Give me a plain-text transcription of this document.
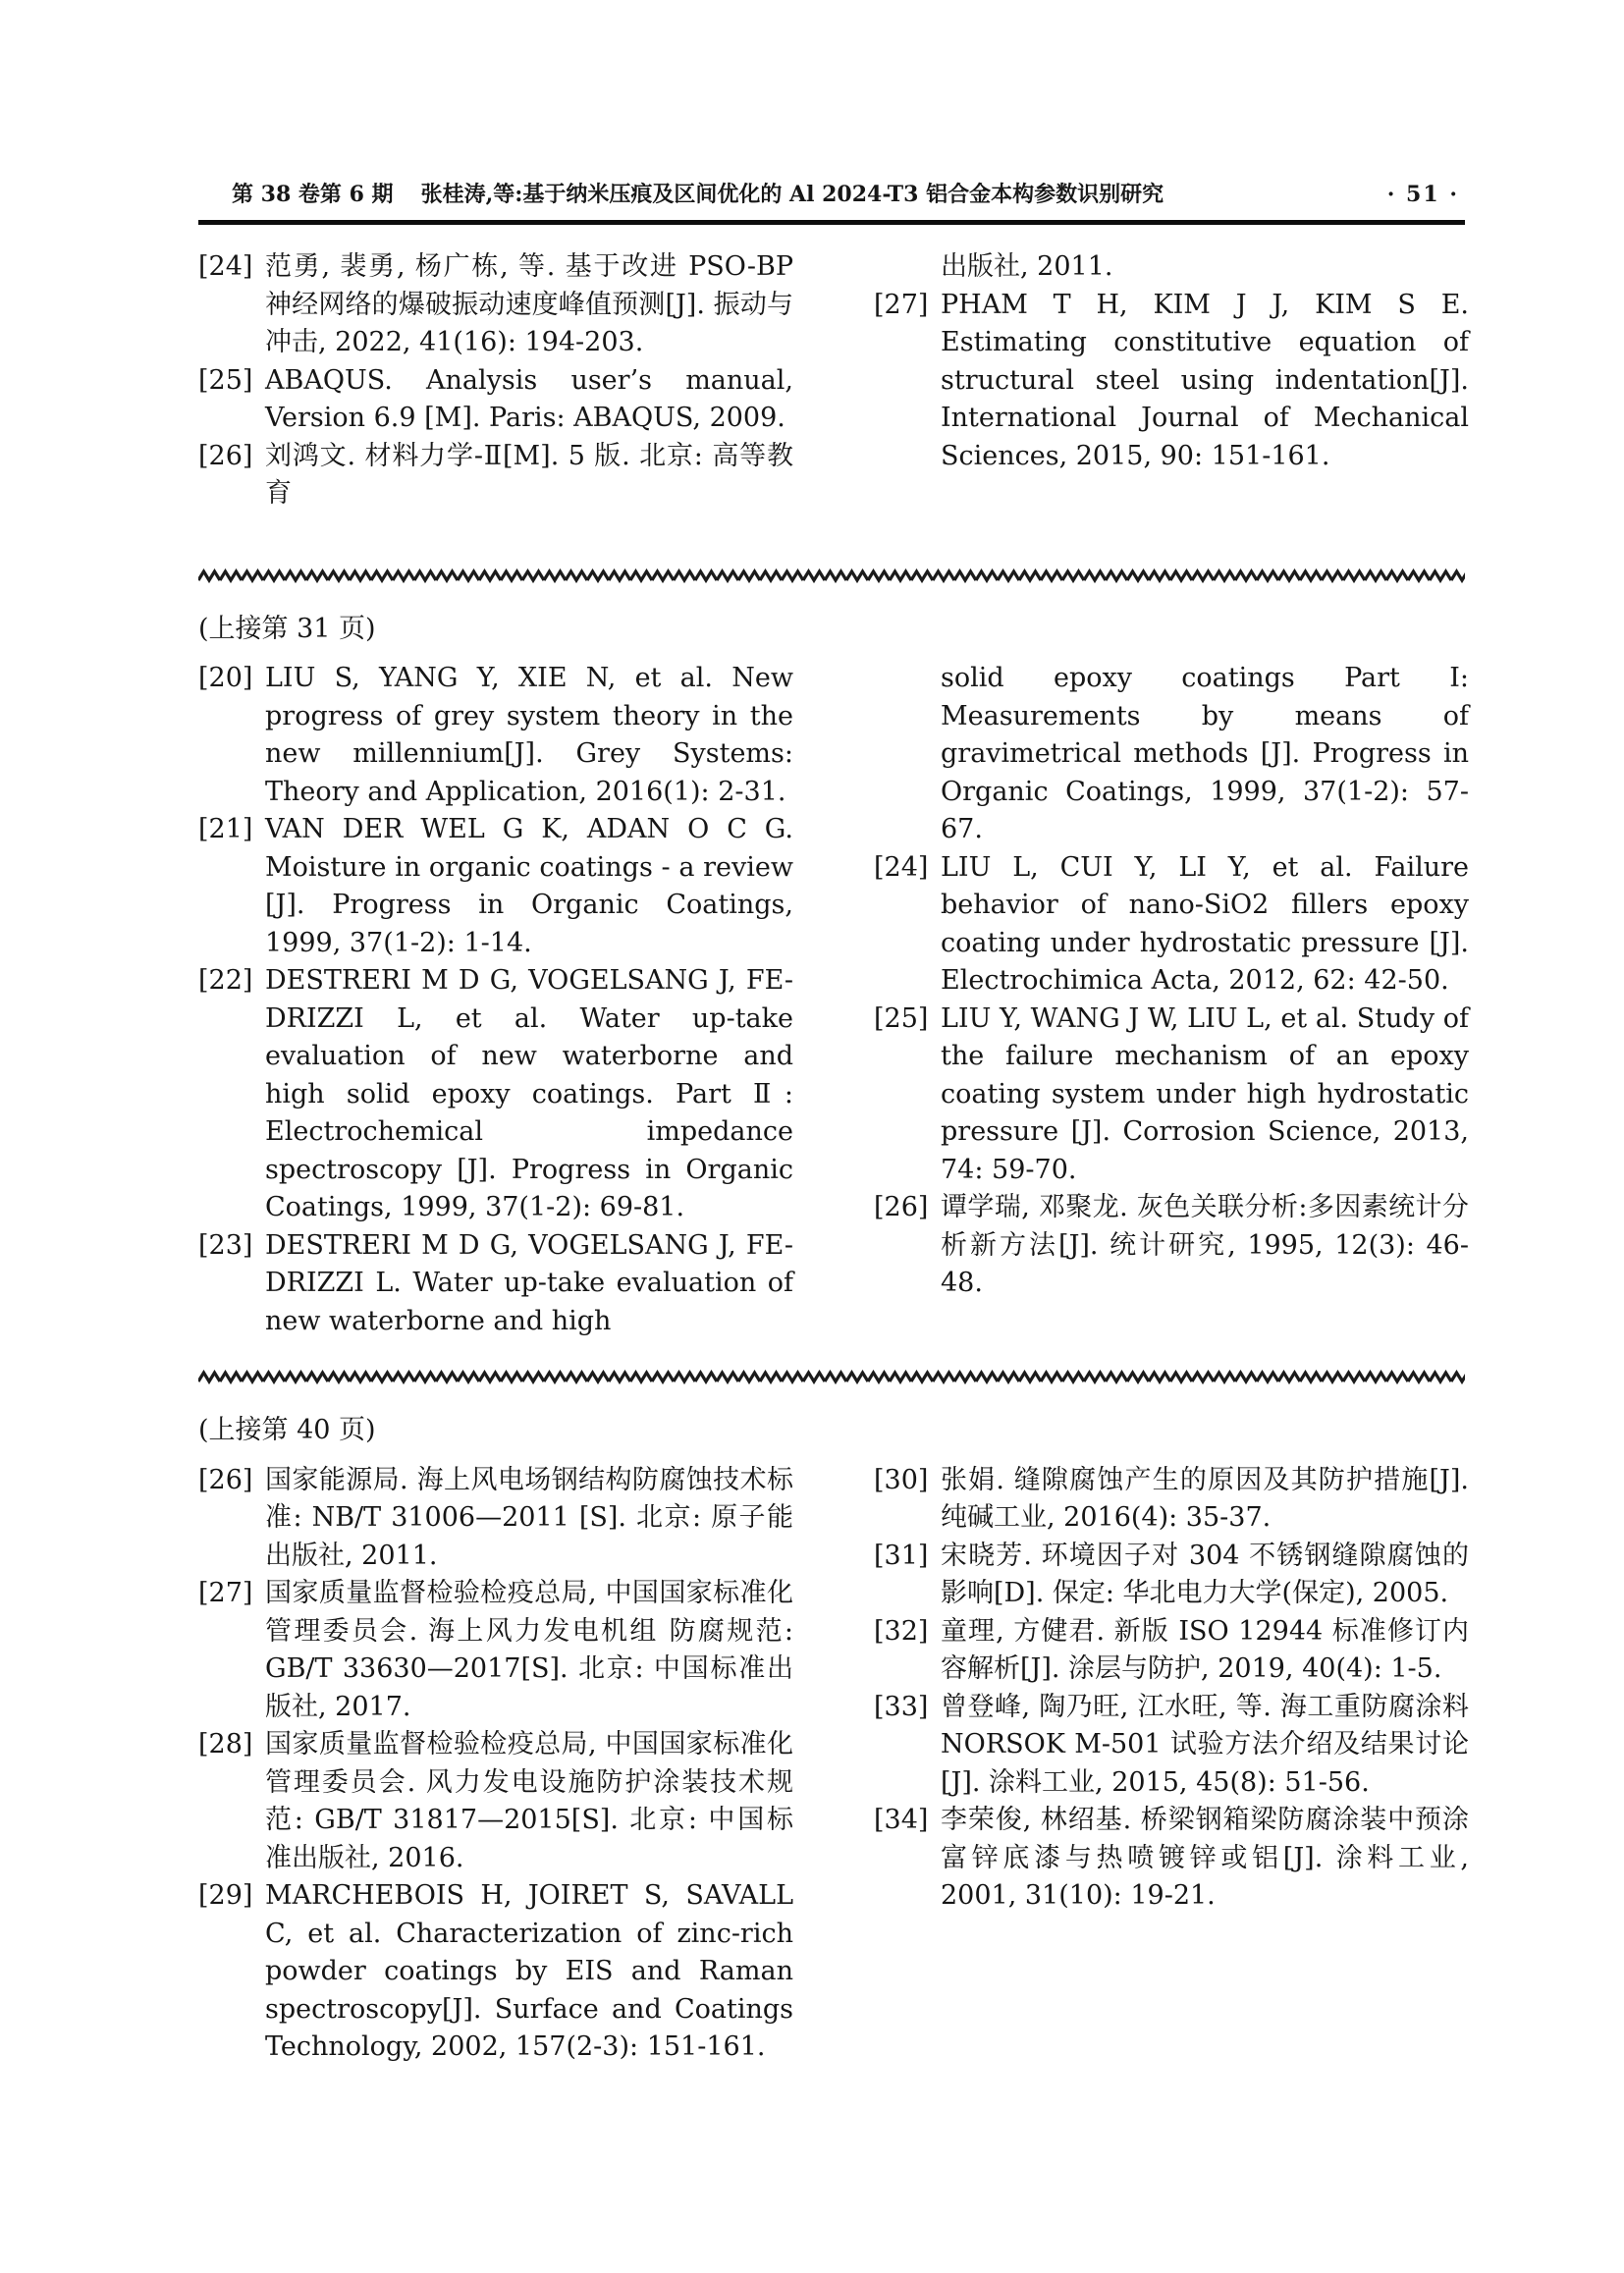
第 38 卷第 6 期	张桂涛,等:基于纳米压痕及区间优化的 Al 2024-T3 铝合金本构参数识别研究	· 51 ·
[24] 范勇, 裴勇, 杨广栋, 等. 基于改进 PSO-BP 神经网络的爆破振动速度峰值预测[J]. 振动与冲击, 2022, 41(16): 194-203.
[25] ABAQUS. Analysis user’s manual, Version 6.9 [M]. Paris: ABAQUS, 2009.
[26] 刘鸿文. 材料力学-Ⅱ[M]. 5 版. 北京: 高等教育
出版社, 2011.
[27] PHAM T H, KIM J J, KIM S E. Estimating constitutive equation of structural steel using indentation[J]. International Journal of Mechanical Sciences, 2015, 90: 151-161.
(上接第 31 页)
[20] LIU S, YANG Y, XIE N, et al. New progress of grey system theory in the new millennium[J]. Grey Systems: Theory and Application, 2016(1): 2-31.
[21] VAN DER WEL G K, ADAN O C G. Moisture in organic coatings - a review [J]. Progress in Organic Coatings, 1999, 37(1-2): 1-14.
[22] DESTRERI M D G, VOGELSANG J, FE-DRIZZI L, et al. Water up-take evaluation of new waterborne and high solid epoxy coatings. Part Ⅱ: Electrochemical impedance spectroscopy [J]. Progress in Organic Coatings, 1999, 37(1-2): 69-81.
[23] DESTRERI M D G, VOGELSANG J, FE-DRIZZI L. Water up-take evaluation of new waterborne and high
solid epoxy coatings Part I: Measurements by means of gravimetrical methods [J]. Progress in Organic Coatings, 1999, 37(1-2): 57-67.
[24] LIU L, CUI Y, LI Y, et al. Failure behavior of nano-SiO2 fillers epoxy coating under hydrostatic pressure [J]. Electrochimica Acta, 2012, 62: 42-50.
[25] LIU Y, WANG J W, LIU L, et al. Study of the failure mechanism of an epoxy coating system under high hydrostatic pressure [J]. Corrosion Science, 2013, 74: 59-70.
[26] 谭学瑞, 邓聚龙. 灰色关联分析:多因素统计分析新方法[J]. 统计研究, 1995, 12(3): 46-48.
(上接第 40 页)
[26] 国家能源局. 海上风电场钢结构防腐蚀技术标准: NB/T 31006—2011 [S]. 北京: 原子能出版社, 2011.
[27] 国家质量监督检验检疫总局, 中国国家标准化管理委员会. 海上风力发电机组 防腐规范: GB/T 33630—2017[S]. 北京: 中国标准出版社, 2017.
[28] 国家质量监督检验检疫总局, 中国国家标准化管理委员会. 风力发电设施防护涂装技术规范: GB/T 31817—2015[S]. 北京: 中国标准出版社, 2016.
[29] MARCHEBOIS H, JOIRET S, SAVALL C, et al. Characterization of zinc-rich powder coatings by EIS and Raman spectroscopy[J]. Surface and Coatings Technology, 2002, 157(2-3): 151-161.
[30] 张娟. 缝隙腐蚀产生的原因及其防护措施[J]. 纯碱工业, 2016(4): 35-37.
[31] 宋晓芳. 环境因子对 304 不锈钢缝隙腐蚀的影响[D]. 保定: 华北电力大学(保定), 2005.
[32] 童理, 方健君. 新版 ISO 12944 标准修订内容解析[J]. 涂层与防护, 2019, 40(4): 1-5.
[33] 曾登峰, 陶乃旺, 江水旺, 等. 海工重防腐涂料 NORSOK M-501 试验方法介绍及结果讨论[J]. 涂料工业, 2015, 45(8): 51-56.
[34] 李荣俊, 林绍基. 桥梁钢箱梁防腐涂装中预涂富锌底漆与热喷镀锌或铝[J]. 涂料工业, 2001, 31(10): 19-21.
